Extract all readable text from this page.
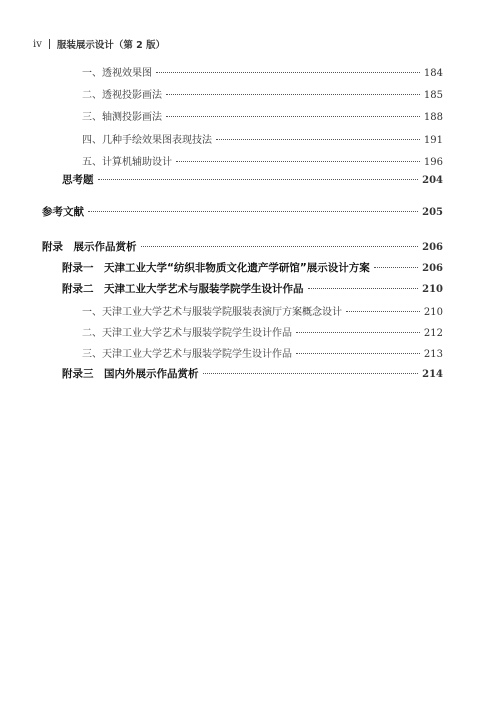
iv 服装展示设计（第 2 版）
一、透视效果图	184
二、透视投影画法	185
三、轴测投影画法	188
四、几种手绘效果图表现技法	191
五、计算机辅助设计	196
思考题	204
参考文献	205
附录　展示作品赏析	206
附录一　天津工业大学“纺织非物质文化遗产学研馆”展示设计方案	206
附录二　天津工业大学艺术与服装学院学生设计作品	210
一、天津工业大学艺术与服装学院服装表演厅方案概念设计	210
二、天津工业大学艺术与服装学院学生设计作品	212
三、天津工业大学艺术与服装学院学生设计作品	213
附录三　国内外展示作品赏析	214
